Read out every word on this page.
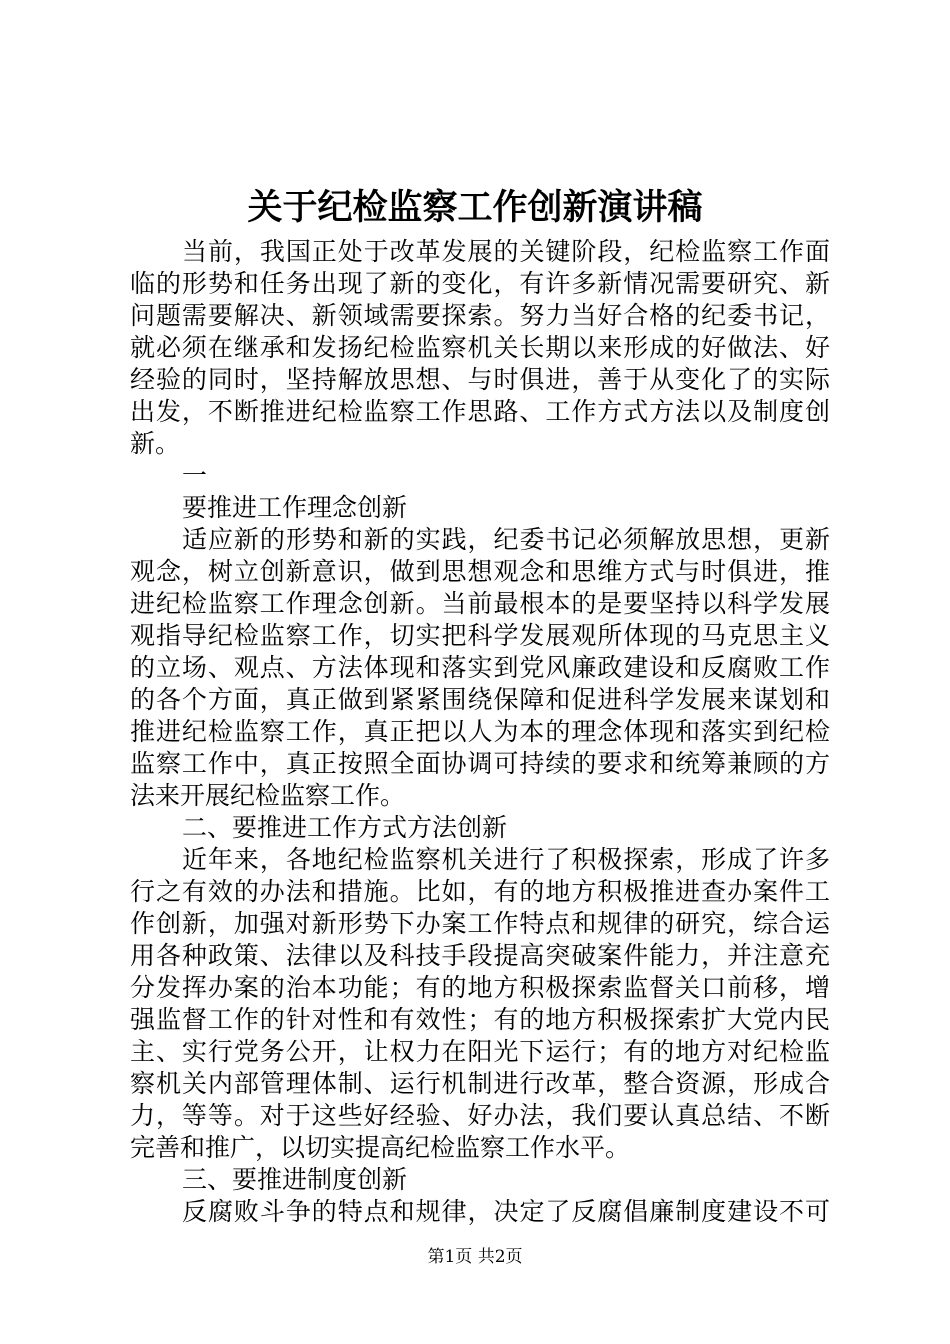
关于纪检监察工作创新演讲稿
当前，我国正处于改革发展的关键阶段，纪检监察工作面
临的形势和任务出现了新的变化，有许多新情况需要研究、新
问题需要解决、新领域需要探索。努力当好合格的纪委书记，
就必须在继承和发扬纪检监察机关长期以来形成的好做法、好
经验的同时，坚持解放思想、与时俱进，善于从变化了的实际
出发，不断推进纪检监察工作思路、工作方式方法以及制度创
新。
一
要推进工作理念创新
适应新的形势和新的实践，纪委书记必须解放思想，更新
观念，树立创新意识，做到思想观念和思维方式与时俱进，推
进纪检监察工作理念创新。当前最根本的是要坚持以科学发展
观指导纪检监察工作，切实把科学发展观所体现的马克思主义
的立场、观点、方法体现和落实到党风廉政建设和反腐败工作
的各个方面，真正做到紧紧围绕保障和促进科学发展来谋划和
推进纪检监察工作，真正把以人为本的理念体现和落实到纪检
监察工作中，真正按照全面协调可持续的要求和统筹兼顾的方
法来开展纪检监察工作。
二、要推进工作方式方法创新
近年来，各地纪检监察机关进行了积极探索，形成了许多
行之有效的办法和措施。比如，有的地方积极推进查办案件工
作创新，加强对新形势下办案工作特点和规律的研究，综合运
用各种政策、法律以及科技手段提高突破案件能力，并注意充
分发挥办案的治本功能；有的地方积极探索监督关口前移，增
强监督工作的针对性和有效性；有的地方积极探索扩大党内民
主、实行党务公开，让权力在阳光下运行；有的地方对纪检监
察机关内部管理体制、运行机制进行改革，整合资源，形成合
力，等等。对于这些好经验、好办法，我们要认真总结、不断
完善和推广，以切实提高纪检监察工作水平。
三、要推进制度创新
反腐败斗争的特点和规律，决定了反腐倡廉制度建设不可
第1页 共2页
